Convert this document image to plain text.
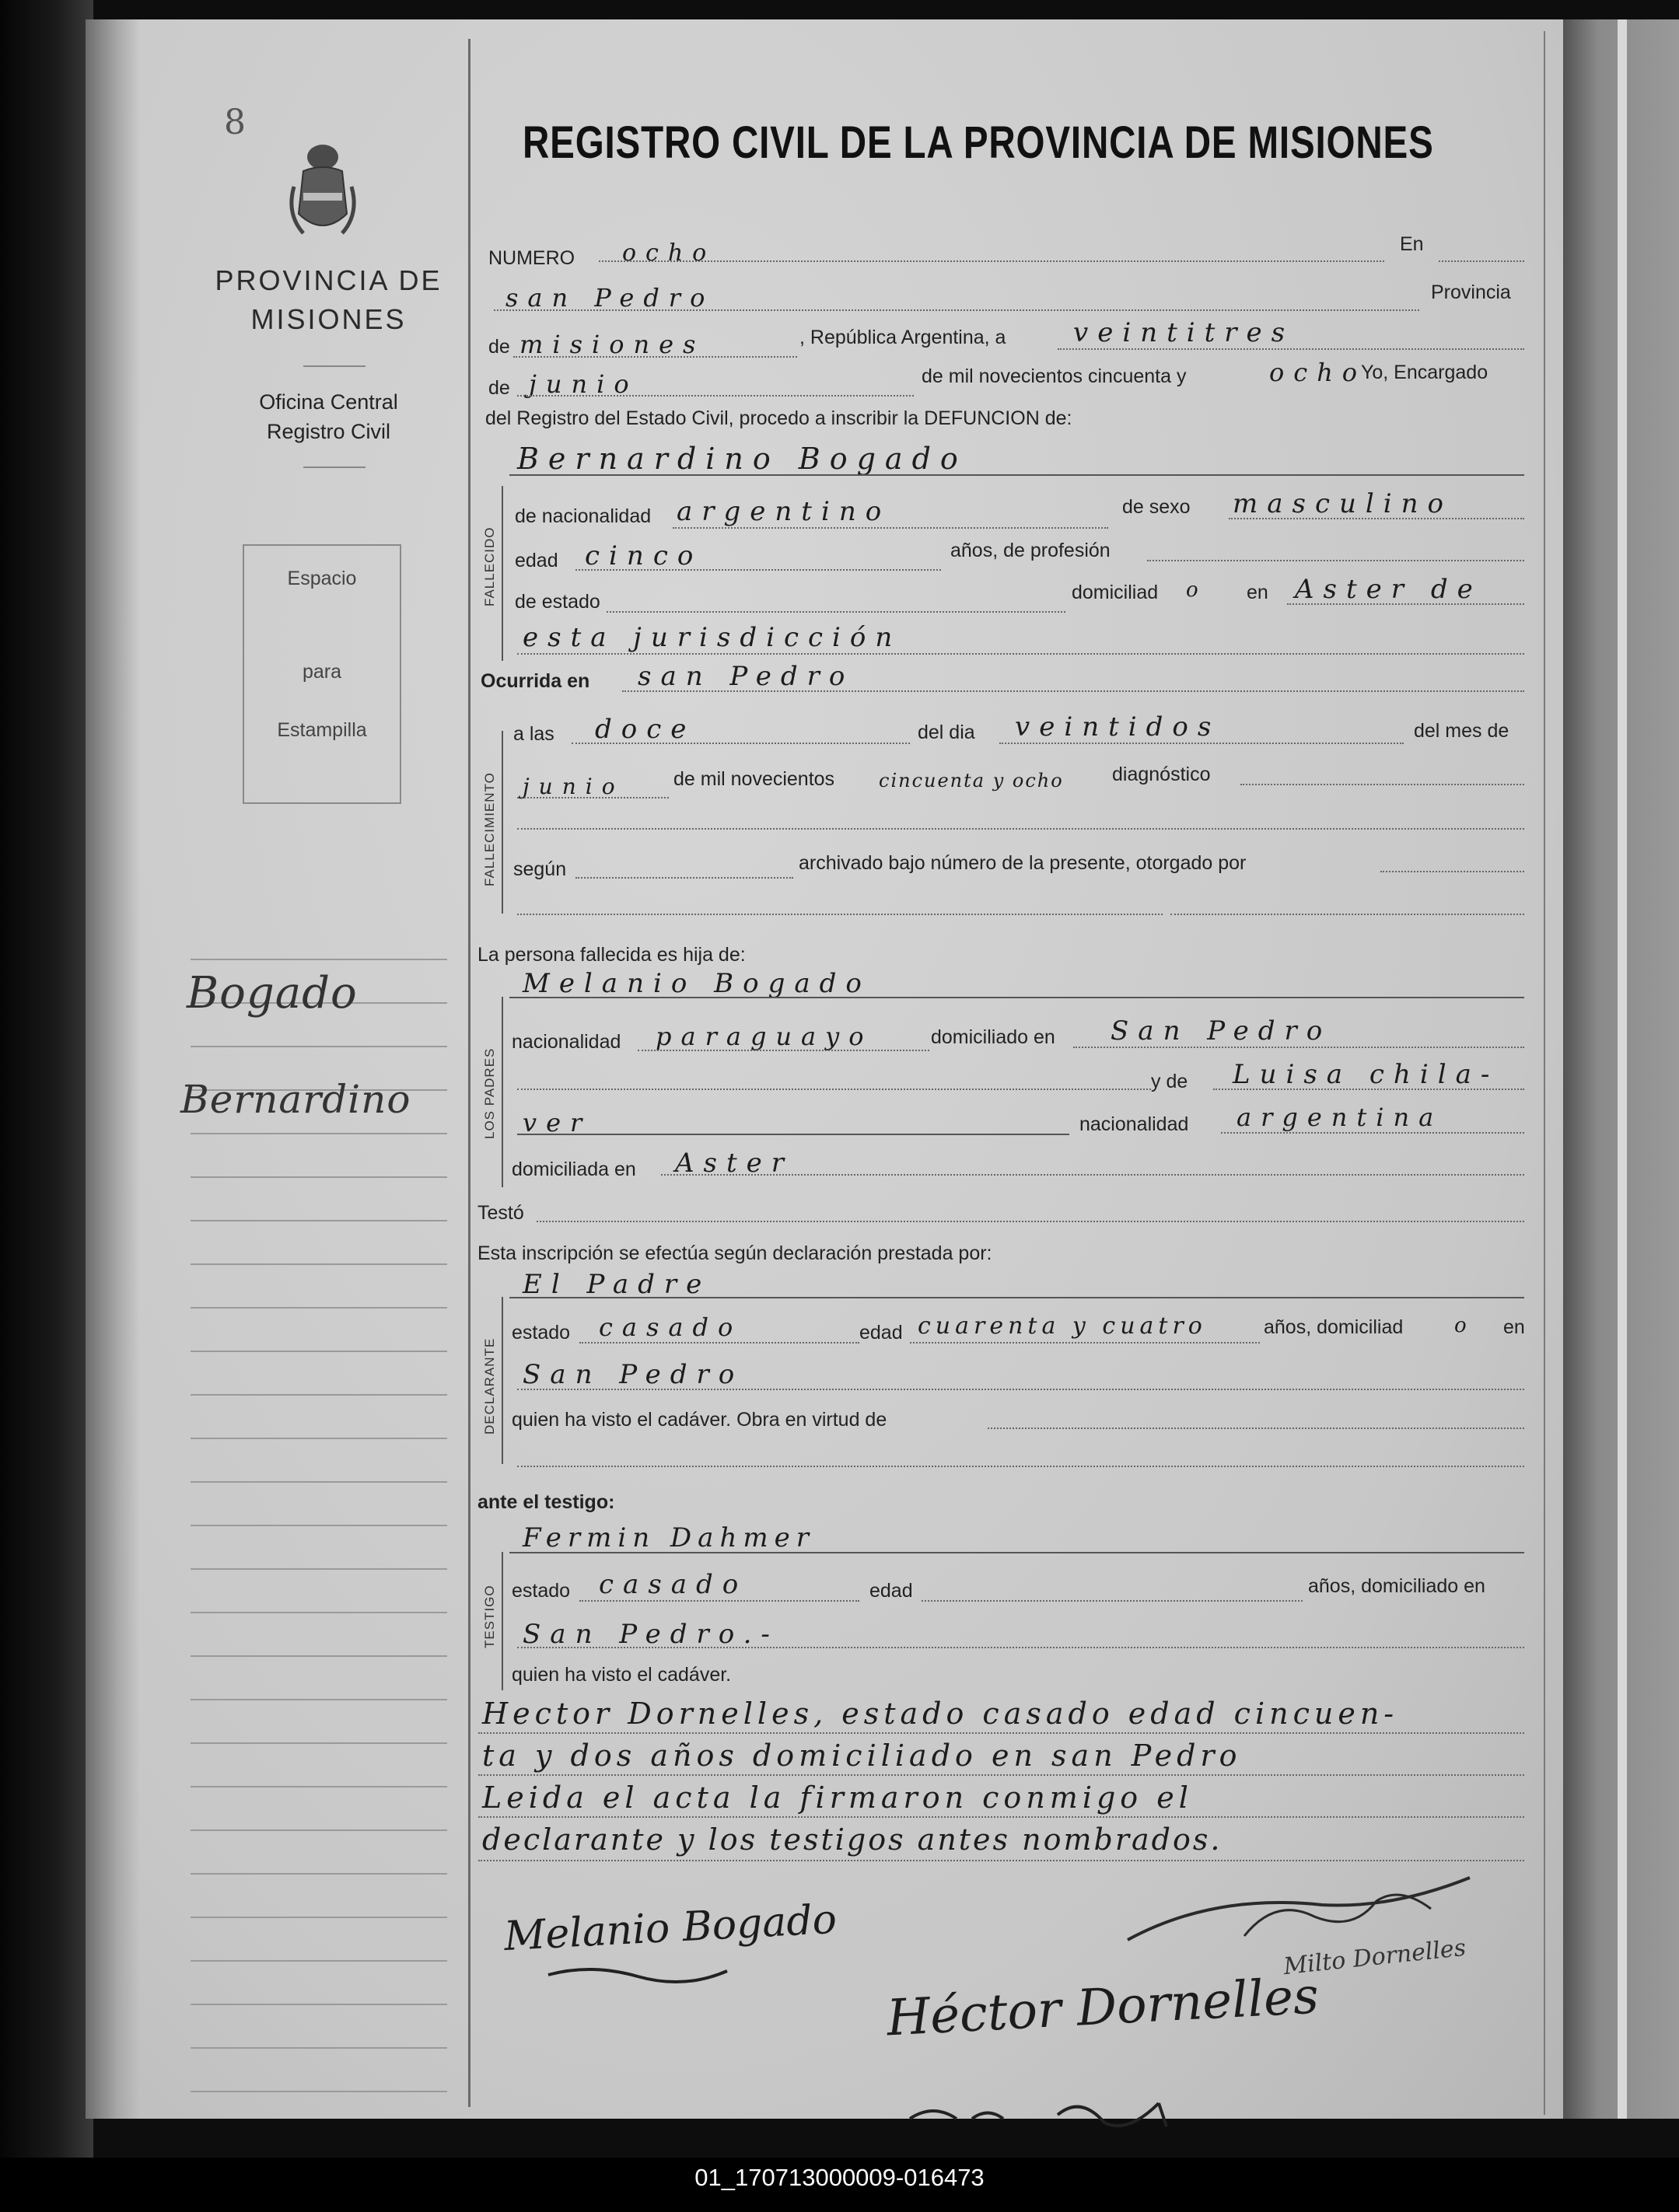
8
PROVINCIA DE
MISIONES
Oficina Central
Registro Civil
Espacio
para
Estampilla
Bogado
Bernardino
REGISTRO CIVIL DE LA PROVINCIA DE MISIONES
NUMERO ocho	En
san Pedro	Provincia
de misiones	, República Argentina, a	veintitres
de junio	de mil novecientos cincuenta y	ocho
Yo, Encargado
del Registro del Estado Civil, procedo a inscribir la DEFUNCION de:
Bernardino Bogado
FALLECIDO
de nacionalidad argentino	de sexo masculino
edad cinco	años, de profesión
de estado	domiciliad o en Aster de
esta jurisdicción
Ocurrida en san Pedro
FALLECIMIENTO
a las doce	del dia veintidos	del mes de
junio	de mil novecientos cincuenta y ocho diagnóstico
según	archivado bajo número de la presente, otorgado por
La persona fallecida es hija de:
Melanio Bogado
LOS PADRES
nacionalidad paraguayo	domiciliado en San Pedro
y de Luisa chila-
ver	nacionalidad argentina
domiciliada en Aster
Testó
Esta inscripción se efectúa según declaración prestada por:
El Padre
DECLARANTE
estado casado	edad cuarenta y cuatro	años, domiciliad	o en
San Pedro
quien ha visto el cadáver. Obra en virtud de
ante el testigo:
Fermin Dahmer
TESTIGO estado casado	edad	años, domiciliado en
San Pedro.-
quien ha visto el cadáver.
Hector Dornelles, estado casado edad cincuen-
ta y dos años domiciliado en san Pedro
Leida el acta la firmaron conmigo el
declarante y los testigos antes nombrados.
Melanio Bogado
Héctor Dornelles
Milto Dornelles
01_170713000009-016473
